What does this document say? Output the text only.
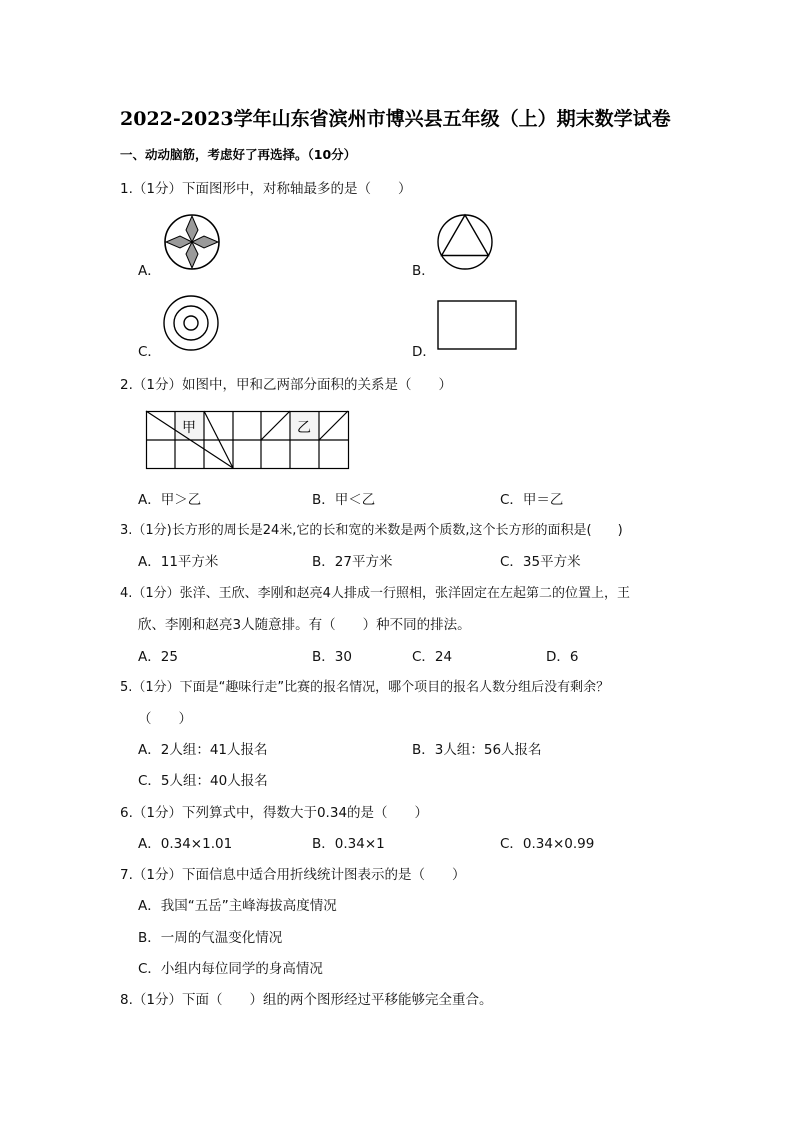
2022-2023学年山东省滨州市博兴县五年级（上）期末数学试卷
一、动动脑筋，考虑好了再选择。（10分）
1.（1分）下面图形中，对称轴最多的是（　　）
A．	B．
C．	D．
2.（1分）如图中，甲和乙两部分面积的关系是（　　）
甲	乙
A．甲＞乙	B．甲＜乙	C．甲＝乙
3.（1分)长方形的周长是24米,它的长和宽的米数是两个质数,这个长方形的面积是(　　)
A．11平方米	B．27平方米	C．35平方米
4.（1分）张洋、王欣、李刚和赵亮4人排成一行照相，张洋固定在左起第二的位置上，王
欣、李刚和赵亮3人随意排。有（　　）种不同的排法。
A．25	B．30	C．24	D．6
5.（1分）下面是“趣味行走”比赛的报名情况，哪个项目的报名人数分组后没有剩余？
（　　）
A．2人组：41人报名	B．3人组：56人报名
C．5人组：40人报名
6.（1分）下列算式中，得数大于0.34的是（　　）
A．0.34×1.01	B．0.34×1	C．0.34×0.99
7.（1分）下面信息中适合用折线统计图表示的是（　　）
A．我国“五岳”主峰海拔高度情况
B．一周的气温变化情况
C．小组内每位同学的身高情况
8.（1分）下面（　　）组的两个图形经过平移能够完全重合。
